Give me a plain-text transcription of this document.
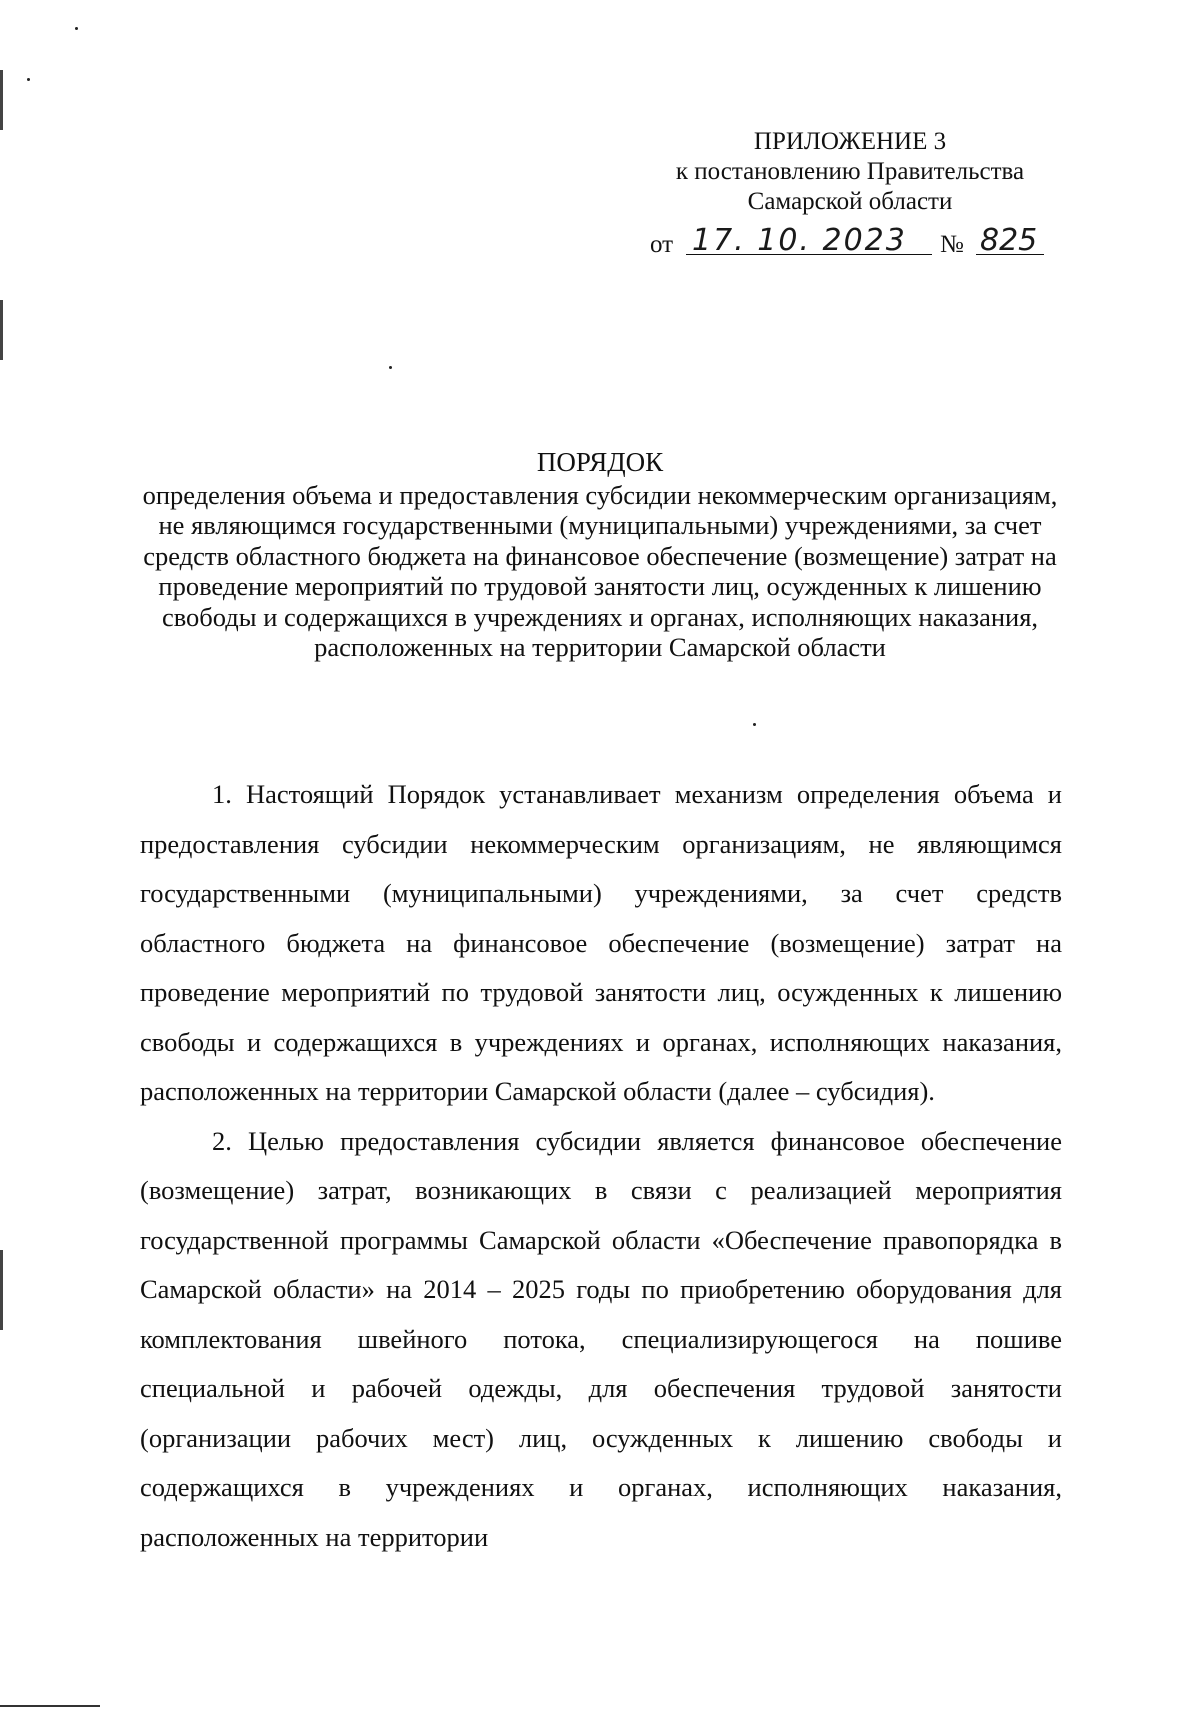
ПРИЛОЖЕНИЕ 3
к постановлению Правительства
Самарской области
от 17. 10. 2023	№ 825
ПОРЯДОК
определения объема и предоставления субсидии некоммерческим организациям, не являющимся государственными (муниципальными) учреждениями, за счет средств областного бюджета на финансовое обеспечение (возмещение) затрат на проведение мероприятий по трудовой занятости лиц, осужденных к лишению свободы и содержащихся в учреждениях и органах, исполняющих наказания, расположенных на территории Самарской области

1. Настоящий Порядок устанавливает механизм определения объема и предоставления субсидии некоммерческим организациям, не являющимся государственными (муниципальными) учреждениями, за счет средств областного бюджета на финансовое обеспечение (возмещение) затрат на проведение мероприятий по трудовой занятости лиц, осужденных к лишению свободы и содержащихся в учреждениях и органах, исполняющих наказания, расположенных на территории Самарской области (далее – субсидия).

2. Целью предоставления субсидии является финансовое обеспечение (возмещение) затрат, возникающих в связи с реализацией мероприятия государственной программы Самарской области «Обеспечение правопорядка в Самарской области» на 2014 – 2025 годы по приобретению оборудования для комплектования швейного потока, специализирующегося на пошиве специальной и рабочей одежды, для обеспечения трудовой занятости (организации рабочих мест) лиц, осужденных к лишению свободы и содержащихся в учреждениях и органах, исполняющих наказания, расположенных на территории
